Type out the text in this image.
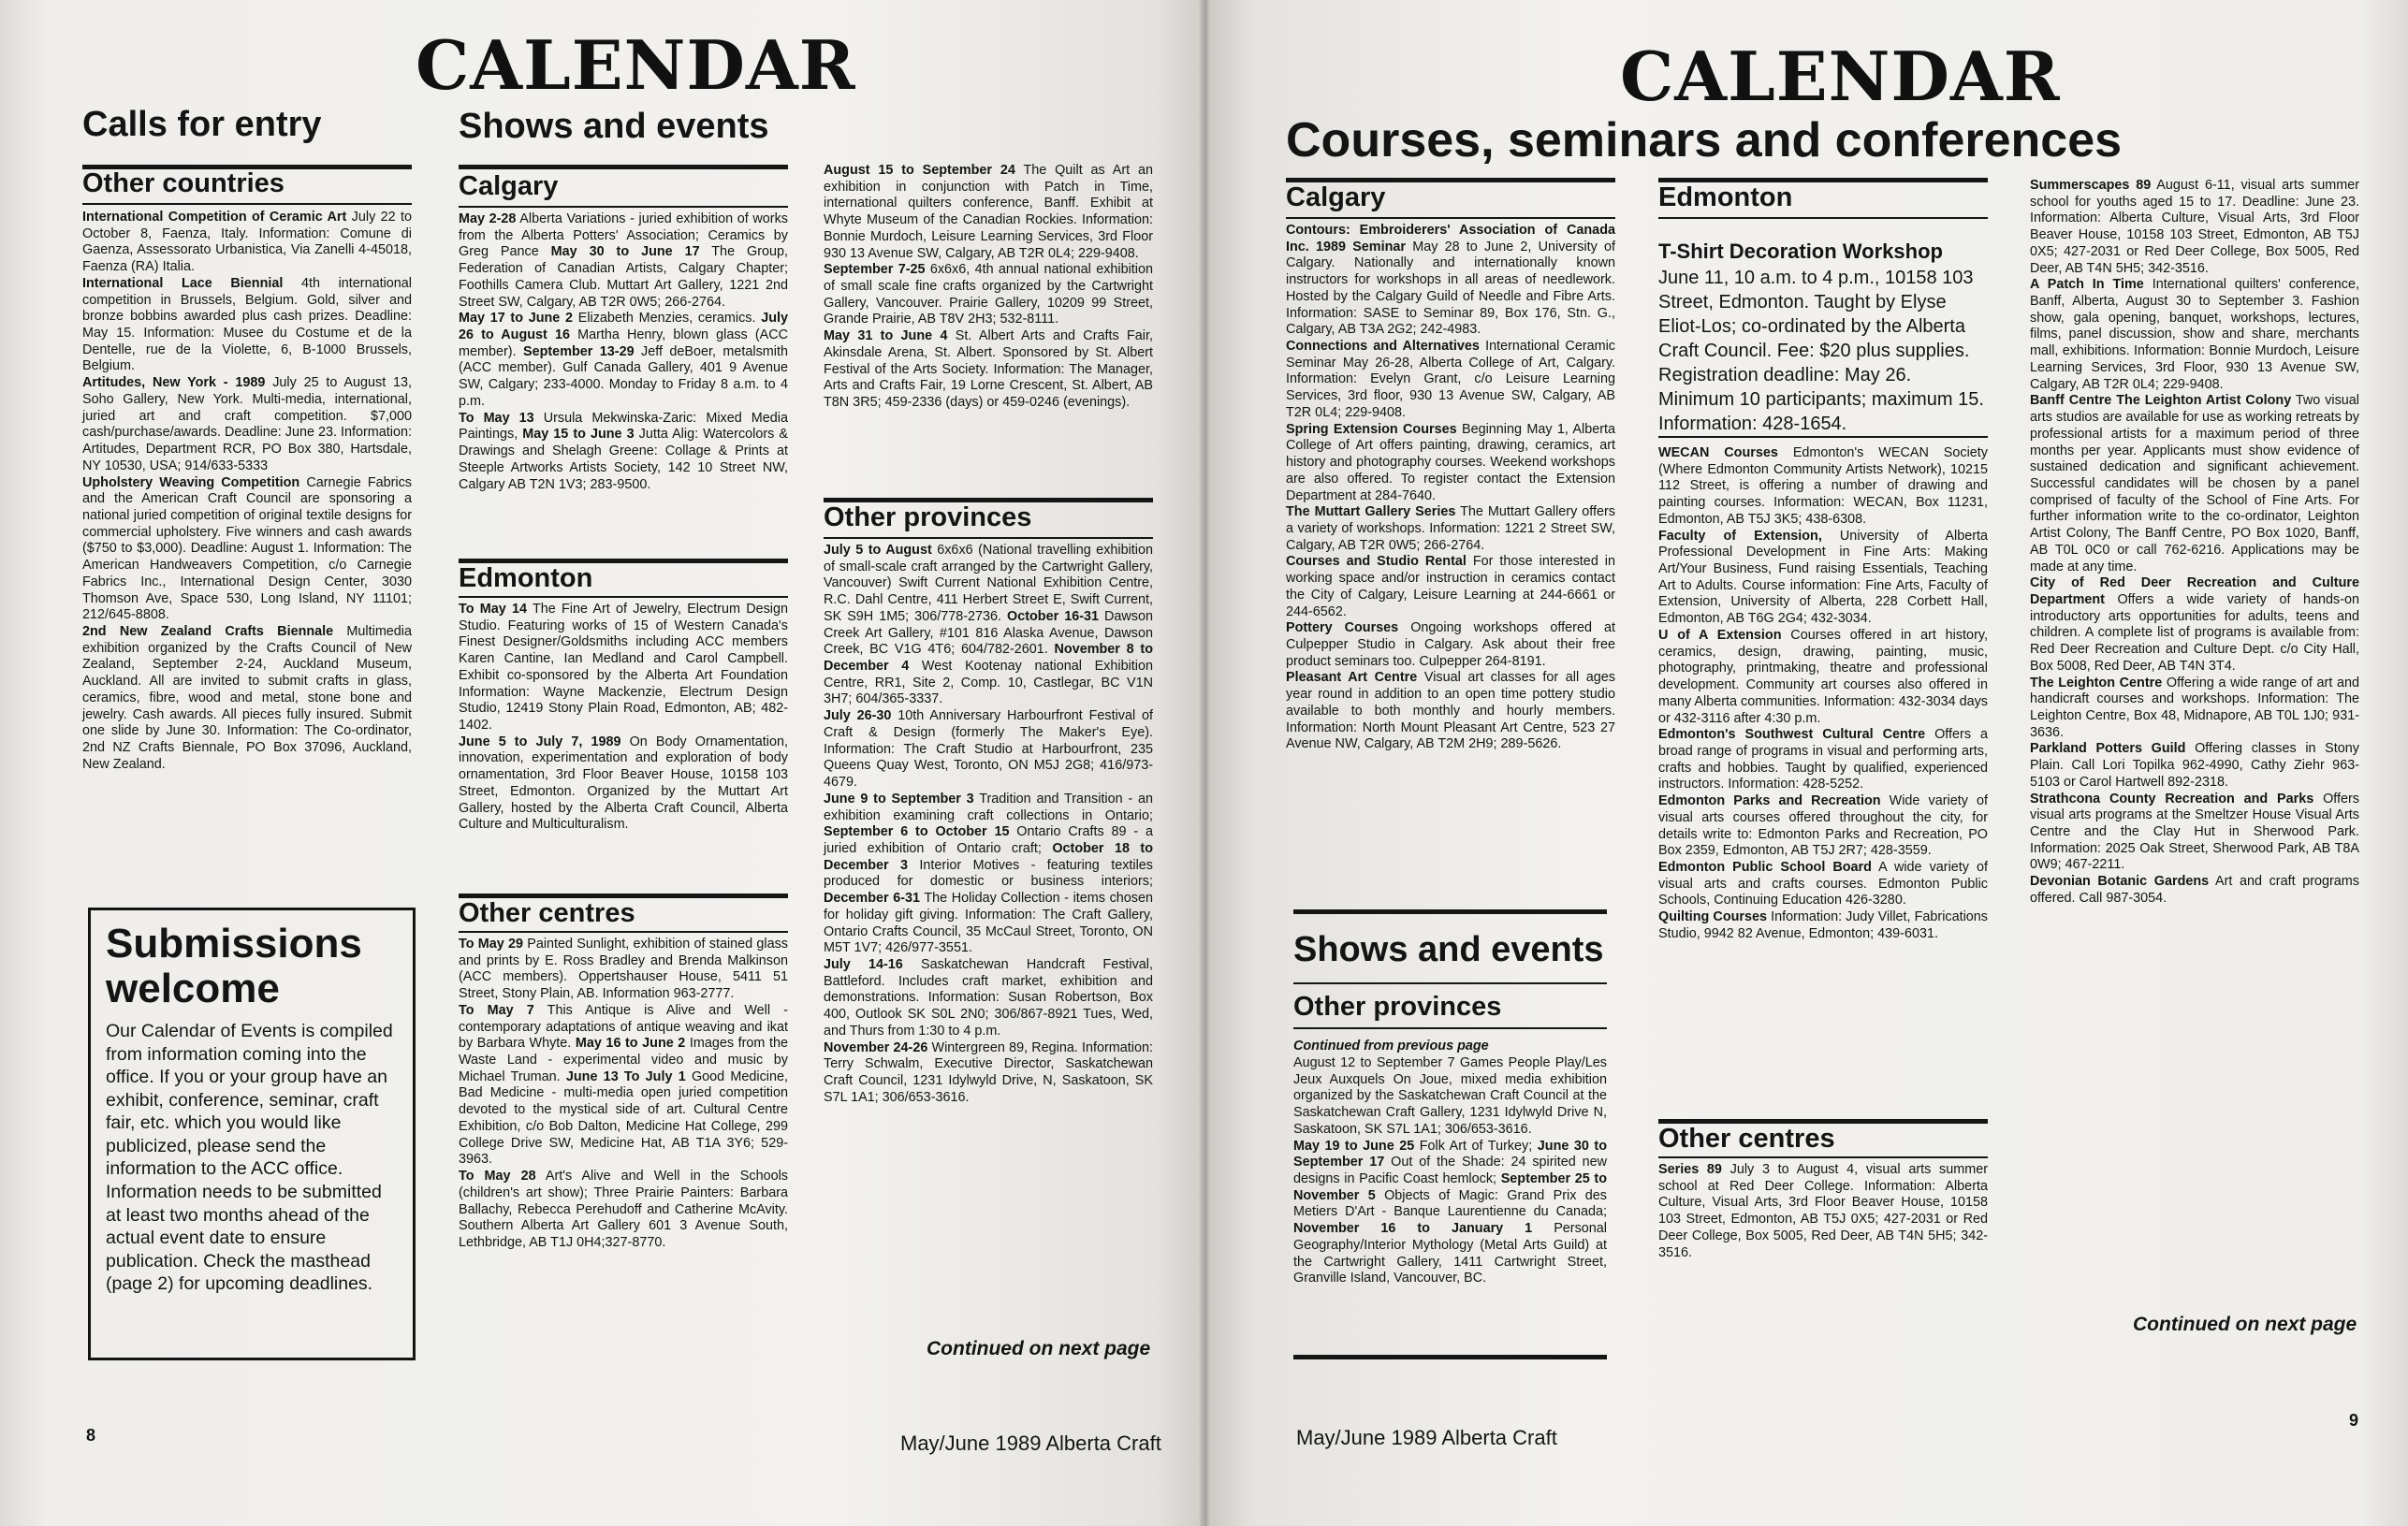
CALENDAR
Calls for entry
Other countries

International Competition of Ceramic Art July 22 to October 8, Faenza, Italy. Information: Comune di Gaenza, Assessorato Urbanistica, Via Zanelli 4-45018, Faenza (RA) Italia.

International Lace Biennial 4th international competition in Brussels, Belgium. Gold, silver and bronze bobbins awarded plus cash prizes. Deadline: May 15. Information: Musee du Costume et de la Dentelle, rue de la Violette, 6, B-1000 Brussels, Belgium.

Artitudes, New York - 1989 July 25 to August 13, Soho Gallery, New York. Multi-media, international, juried art and craft competition. $7,000 cash/purchase/awards. Deadline: June 23. Information: Artitudes, Department RCR, PO Box 380, Hartsdale, NY 10530, USA; 914/633-5333

Upholstery Weaving Competition Carnegie Fabrics and the American Craft Council are sponsoring a national juried competition of original textile designs for commercial upholstery. Five winners and cash awards ($750 to $3,000). Deadline: August 1. Information: The American Handweavers Competition, c/o Carnegie Fabrics Inc., International Design Center, 3030 Thomson Ave, Space 530, Long Island, NY 11101; 212/645-8808.

2nd New Zealand Crafts Biennale Multimedia exhibition organized by the Crafts Council of New Zealand, September 2-24, Auckland Museum, Auckland. All are invited to submit crafts in glass, ceramics, fibre, wood and metal, stone bone and jewelry. Cash awards. All pieces fully insured. Submit one slide by June 30. Information: The Co-ordinator, 2nd NZ Crafts Biennale, PO Box 37096, Auckland, New Zealand.

Submissions
welcome
Our Calendar of Events is compiled from information coming into the office. If you or your group have an exhibit, conference, seminar, craft fair, etc. which you would like publicized, please send the information to the ACC office. Information needs to be submitted at least two months ahead of the actual event date to ensure publication. Check the masthead (page 2) for upcoming deadlines.
Shows and events
Calgary

May 2-28 Alberta Variations - juried exhibition of works from the Alberta Potters' Association; Ceramics by Greg Pance May 30 to June 17 The Group, Federation of Canadian Artists, Calgary Chapter; Foothills Camera Club. Muttart Art Gallery, 1221 2nd Street SW, Calgary, AB T2R 0W5; 266-2764.

May 17 to June 2 Elizabeth Menzies, ceramics. July 26 to August 16 Martha Henry, blown glass (ACC member). September 13-29 Jeff deBoer, metalsmith (ACC member). Gulf Canada Gallery, 401 9 Avenue SW, Calgary; 233-4000. Monday to Friday 8 a.m. to 4 p.m.

To May 13 Ursula Mekwinska-Zaric: Mixed Media Paintings, May 15 to June 3 Jutta Alig: Watercolors & Drawings and Shelagh Greene: Collage & Prints at Steeple Artworks Artists Society, 142 10 Street NW, Calgary AB T2N 1V3; 283-9500.

Edmonton

To May 14 The Fine Art of Jewelry, Electrum Design Studio. Featuring works of 15 of Western Canada's Finest Designer/Goldsmiths including ACC members Karen Cantine, Ian Medland and Carol Campbell. Exhibit co-sponsored by the Alberta Art Foundation Information: Wayne Mackenzie, Electrum Design Studio, 12419 Stony Plain Road, Edmonton, AB; 482-1402.

June 5 to July 7, 1989 On Body Ornamentation, innovation, experimentation and exploration of body ornamentation, 3rd Floor Beaver House, 10158 103 Street, Edmonton. Organized by the Muttart Art Gallery, hosted by the Alberta Craft Council, Alberta Culture and Multiculturalism.

Other centres

To May 29 Painted Sunlight, exhibition of stained glass and prints by E. Ross Bradley and Brenda Malkinson (ACC members). Oppertshauser House, 5411 51 Street, Stony Plain, AB. Information 963-2777.

To May 7 This Antique is Alive and Well - contemporary adaptations of antique weaving and ikat by Barbara Whyte. May 16 to June 2 Images from the Waste Land - experimental video and music by Michael Truman. June 13 To July 1 Good Medicine, Bad Medicine - multi-media open juried competition devoted to the mystical side of art. Cultural Centre Exhibition, c/o Bob Dalton, Medicine Hat College, 299 College Drive SW, Medicine Hat, AB T1A 3Y6; 529-3963.

To May 28 Art's Alive and Well in the Schools (children's art show); Three Prairie Painters: Barbara Ballachy, Rebecca Perehudoff and Catherine McAvity. Southern Alberta Art Gallery 601 3 Avenue South, Lethbridge, AB T1J 0H4;327-8770.

August 15 to September 24 The Quilt as Art an exhibition in conjunction with Patch in Time, international quilters conference, Banff. Exhibit at Whyte Museum of the Canadian Rockies. Information: Bonnie Murdoch, Leisure Learning Services, 3rd Floor 930 13 Avenue SW, Calgary, AB T2R 0L4; 229-9408.

September 7-25 6x6x6, 4th annual national exhibition of small scale fine crafts organized by the Cartwright Gallery, Vancouver. Prairie Gallery, 10209 99 Street, Grande Prairie, AB T8V 2H3; 532-8111.

May 31 to June 4 St. Albert Arts and Crafts Fair, Akinsdale Arena, St. Albert. Sponsored by St. Albert Festival of the Arts Society. Information: The Manager, Arts and Crafts Fair, 19 Lorne Crescent, St. Albert, AB T8N 3R5; 459-2336 (days) or 459-0246 (evenings).

Other provinces

July 5 to August 6x6x6 (National travelling exhibition of small-scale craft arranged by the Cartwright Gallery, Vancouver) Swift Current National Exhibition Centre, R.C. Dahl Centre, 411 Herbert Street E, Swift Current, SK S9H 1M5; 306/778-2736. October 16-31 Dawson Creek Art Gallery, #101 816 Alaska Avenue, Dawson Creek, BC V1G 4T6; 604/782-2601. November 8 to December 4 West Kootenay national Exhibition Centre, RR1, Site 2, Comp. 10, Castlegar, BC V1N 3H7; 604/365-3337.

July 26-30 10th Anniversary Harbourfront Festival of Craft & Design (formerly The Maker's Eye). Information: The Craft Studio at Harbourfront, 235 Queens Quay West, Toronto, ON M5J 2G8; 416/973-4679.

June 9 to September 3 Tradition and Transition - an exhibition examining craft collections in Ontario; September 6 to October 15 Ontario Crafts 89 - a juried exhibition of Ontario craft; October 18 to December 3 Interior Motives - featuring textiles produced for domestic or business interiors; December 6-31 The Holiday Collection - items chosen for holiday gift giving. Information: The Craft Gallery, Ontario Crafts Council, 35 McCaul Street, Toronto, ON M5T 1V7; 426/977-3551.

July 14-16 Saskatchewan Handcraft Festival, Battleford. Includes craft market, exhibition and demonstrations. Information: Susan Robertson, Box 400, Outlook SK S0L 2N0; 306/867-8921 Tues, Wed, and Thurs from 1:30 to 4 p.m.

November 24-26 Wintergreen 89, Regina. Information: Terry Schwalm, Executive Director, Saskatchewan Craft Council, 1231 Idylwyld Drive, N, Saskatoon, SK S7L 1A1; 306/653-3616.

Continued on next page
8	May/June 1989 Alberta Craft
CALENDAR
Courses, seminars and conferences
Calgary

Contours: Embroiderers' Association of Canada Inc. 1989 Seminar May 28 to June 2, University of Calgary. Nationally and internationally known instructors for workshops in all areas of needlework. Hosted by the Calgary Guild of Needle and Fibre Arts. Information: SASE to Seminar 89, Box 176, Stn. G., Calgary, AB T3A 2G2; 242-4983.

Connections and Alternatives International Ceramic Seminar May 26-28, Alberta College of Art, Calgary. Information: Evelyn Grant, c/o Leisure Learning Services, 3rd floor, 930 13 Avenue SW, Calgary, AB T2R 0L4; 229-9408.

Spring Extension Courses Beginning May 1, Alberta College of Art offers painting, drawing, ceramics, art history and photography courses. Weekend workshops are also offered. To register contact the Extension Department at 284-7640.

The Muttart Gallery Series The Muttart Gallery offers a variety of workshops. Information: 1221 2 Street SW, Calgary, AB T2R 0W5; 266-2764.

Courses and Studio Rental For those interested in working space and/or instruction in ceramics contact the City of Calgary, Leisure Learning at 244-6661 or 244-6562.

Pottery Courses Ongoing workshops offered at Culpepper Studio in Calgary. Ask about their free product seminars too. Culpepper 264-8191.

Pleasant Art Centre Visual art classes for all ages year round in addition to an open time pottery studio available to both monthly and hourly members. Information: North Mount Pleasant Art Centre, 523 27 Avenue NW, Calgary, AB T2M 2H9; 289-5626.

Shows and events
Other provinces

Continued from previous page

August 12 to September 7 Games People Play/Les Jeux Auxquels On Joue, mixed media exhibition organized by the Saskatchewan Craft Council at the Saskatchewan Craft Gallery, 1231 Idylwyld Drive N, Saskatoon, SK S7L 1A1; 306/653-3616.

May 19 to June 25 Folk Art of Turkey; June 30 to September 17 Out of the Shade: 24 spirited new designs in Pacific Coast hemlock; September 25 to November 5 Objects of Magic: Grand Prix des Metiers D'Art - Banque Laurentienne du Canada; November 16 to January 1 Personal Geography/Interior Mythology (Metal Arts Guild) at the Cartwright Gallery, 1411 Cartwright Street, Granville Island, Vancouver, BC.

Edmonton
T-Shirt Decoration Workshop
June 11, 10 a.m. to 4 p.m., 10158 103 Street, Edmonton. Taught by Elyse Eliot-Los; co-ordinated by the Alberta Craft Council. Fee: $20 plus supplies. Registration deadline: May 26. Minimum 10 participants; maximum 15. Information: 428-1654.

WECAN Courses Edmonton's WECAN Society (Where Edmonton Community Artists Network), 10215 112 Street, is offering a number of drawing and painting courses. Information: WECAN, Box 11231, Edmonton, AB T5J 3K5; 438-6308.

Faculty of Extension, University of Alberta Professional Development in Fine Arts: Making Art/Your Business, Fund raising Essentials, Teaching Art to Adults. Course information: Fine Arts, Faculty of Extension, University of Alberta, 228 Corbett Hall, Edmonton, AB T6G 2G4; 432-3034.

U of A Extension Courses offered in art history, ceramics, design, drawing, painting, music, photography, printmaking, theatre and professional development. Community art courses also offered in many Alberta communities. Information: 432-3034 days or 432-3116 after 4:30 p.m.

Edmonton's Southwest Cultural Centre Offers a broad range of programs in visual and performing arts, crafts and hobbies. Taught by qualified, experienced instructors. Information: 428-5252.

Edmonton Parks and Recreation Wide variety of visual arts courses offered throughout the city, for details write to: Edmonton Parks and Recreation, PO Box 2359, Edmonton, AB T5J 2R7; 428-3559.

Edmonton Public School Board A wide variety of visual arts and crafts courses. Edmonton Public Schools, Continuing Education 426-3280.

Quilting Courses Information: Judy Villet, Fabrications Studio, 9942 82 Avenue, Edmonton; 439-6031.

Other centres

Series 89 July 3 to August 4, visual arts summer school at Red Deer College. Information: Alberta Culture, Visual Arts, 3rd Floor Beaver House, 10158 103 Street, Edmonton, AB T5J 0X5; 427-2031 or Red Deer College, Box 5005, Red Deer, AB T4N 5H5; 342-3516.

Summerscapes 89 August 6-11, visual arts summer school for youths aged 15 to 17. Deadline: June 23. Information: Alberta Culture, Visual Arts, 3rd Floor Beaver House, 10158 103 Street, Edmonton, AB T5J 0X5; 427-2031 or Red Deer College, Box 5005, Red Deer, AB T4N 5H5; 342-3516.

A Patch In Time International quilters' conference, Banff, Alberta, August 30 to September 3. Fashion show, gala opening, banquet, workshops, lectures, films, panel discussion, show and share, merchants mall, exhibitions. Information: Bonnie Murdoch, Leisure Learning Services, 3rd Floor, 930 13 Avenue SW, Calgary, AB T2R 0L4; 229-9408.

Banff Centre The Leighton Artist Colony Two visual arts studios are available for use as working retreats by professional artists for a maximum period of three months per year. Applicants must show evidence of sustained dedication and significant achievement. Successful candidates will be chosen by a panel comprised of faculty of the School of Fine Arts. For further information write to the co-ordinator, Leighton Artist Colony, The Banff Centre, PO Box 1020, Banff, AB T0L 0C0 or call 762-6216. Applications may be made at any time.

City of Red Deer Recreation and Culture Department Offers a wide variety of hands-on introductory arts opportunities for adults, teens and children. A complete list of programs is available from: Red Deer Recreation and Culture Dept. c/o City Hall, Box 5008, Red Deer, AB T4N 3T4.

The Leighton Centre Offering a wide range of art and handicraft courses and workshops. Information: The Leighton Centre, Box 48, Midnapore, AB T0L 1J0; 931-3636.

Parkland Potters Guild Offering classes in Stony Plain. Call Lori Topilka 962-4990, Cathy Ziehr 963-5103 or Carol Hartwell 892-2318.

Strathcona County Recreation and Parks Offers visual arts programs at the Smeltzer House Visual Arts Centre and the Clay Hut in Sherwood Park. Information: 2025 Oak Street, Sherwood Park, AB T8A 0W9; 467-2211.

Devonian Botanic Gardens Art and craft programs offered. Call 987-3054.

Continued on next page
May/June 1989 Alberta Craft
9
